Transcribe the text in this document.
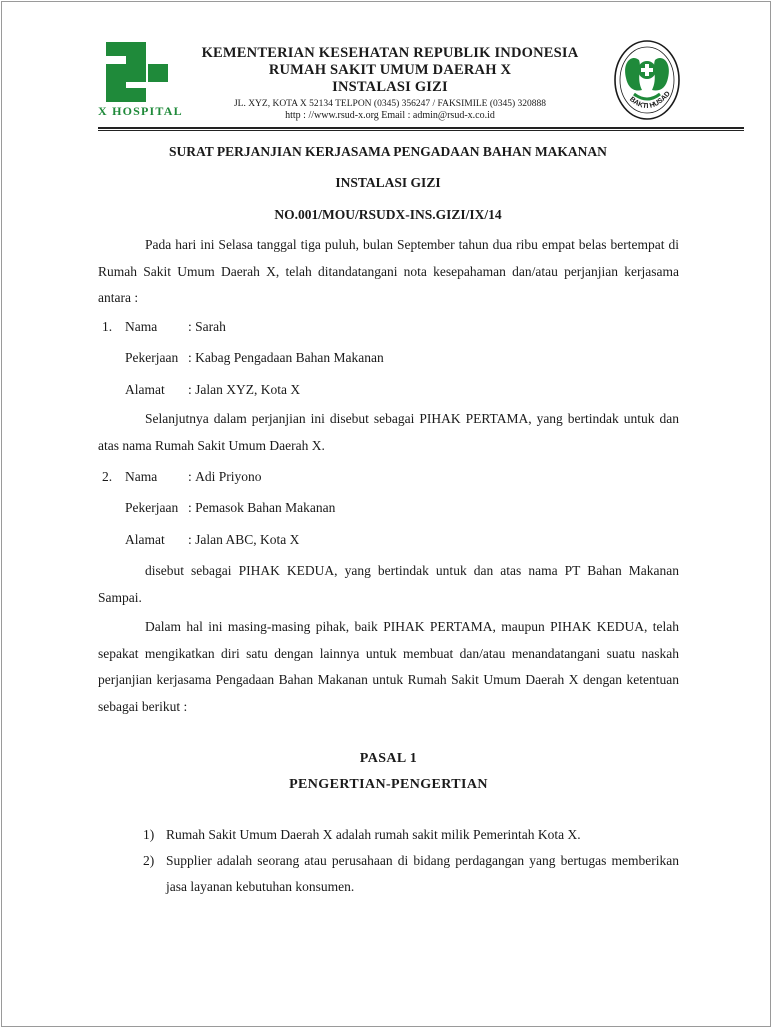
X HOSPITAL
KEMENTERIAN KESEHATAN REPUBLIK INDONESIA
RUMAH SAKIT UMUM DAERAH X
INSTALASI GIZI
JL. XYZ, KOTA X 52134 TELPON (0345) 356247 / FAKSIMILE (0345) 320888
http : //www.rsud-x.org Email : admin@rsud-x.co.id
BAKTI HUSAD
SURAT PERJANJIAN KERJASAMA PENGADAAN BAHAN MAKANAN
INSTALASI GIZI
NO.001/MOU/RSUDX-INS.GIZI/IX/14
Pada hari ini Selasa tanggal tiga puluh, bulan September tahun dua ribu empat belas bertempat di Rumah Sakit Umum Daerah X, telah ditandatangani nota kesepahaman dan/atau perjanjian kerjasama antara :
1. Nama : Sarah
Pekerjaan : Kabag Pengadaan Bahan Makanan
Alamat : Jalan XYZ, Kota X
Selanjutnya dalam perjanjian ini disebut sebagai PIHAK PERTAMA, yang bertindak untuk dan atas nama Rumah Sakit Umum Daerah X.
2. Nama : Adi Priyono
Pekerjaan : Pemasok Bahan Makanan
Alamat : Jalan ABC, Kota X
disebut sebagai PIHAK KEDUA, yang bertindak untuk dan atas nama PT Bahan Makanan Sampai.
Dalam hal ini masing-masing pihak, baik PIHAK PERTAMA, maupun PIHAK KEDUA, telah sepakat mengikatkan diri satu dengan lainnya untuk membuat dan/atau menandatangani suatu naskah perjanjian kerjasama Pengadaan Bahan Makanan untuk Rumah Sakit Umum Daerah X dengan ketentuan sebagai berikut :
PASAL 1
PENGERTIAN-PENGERTIAN
1) Rumah Sakit Umum Daerah X adalah rumah sakit milik Pemerintah Kota X.
2) Supplier adalah seorang atau perusahaan di bidang perdagangan yang bertugas memberikan jasa layanan kebutuhan konsumen.
